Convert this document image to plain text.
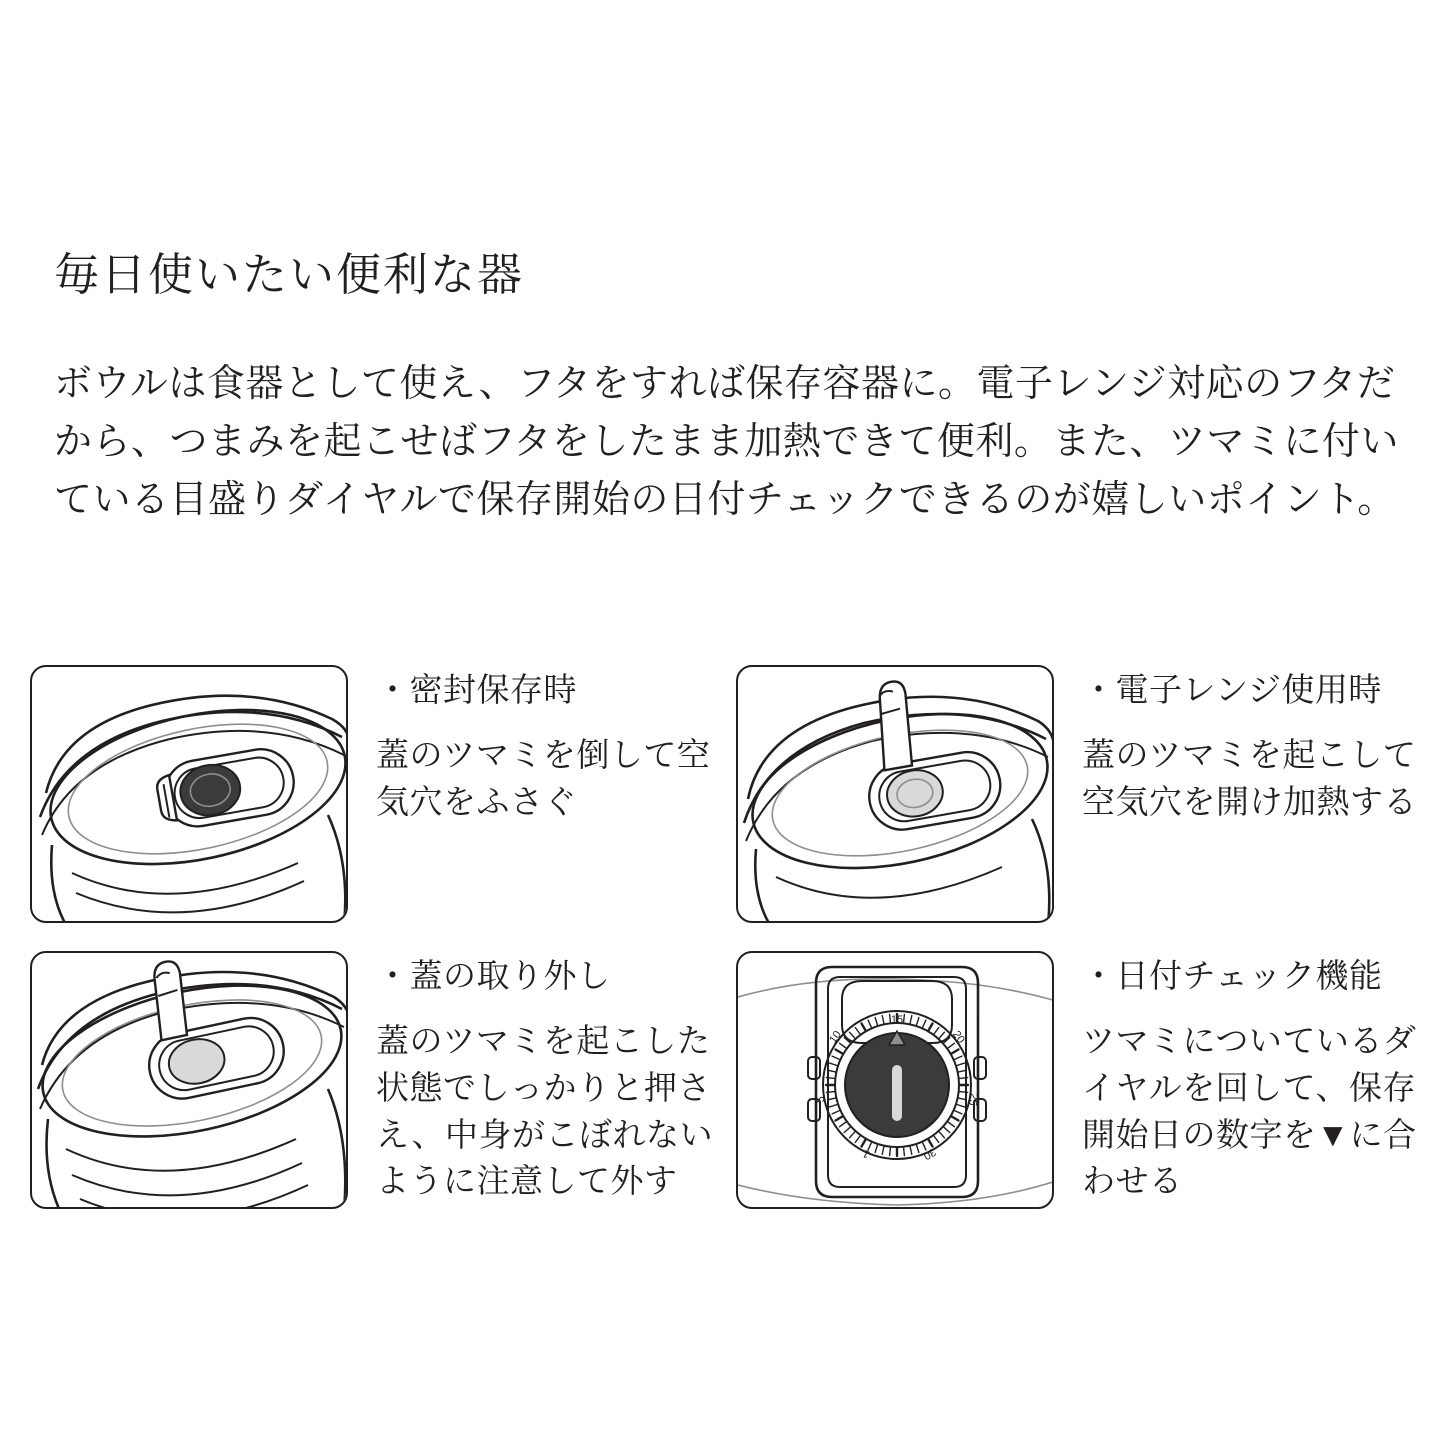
毎日使いたい便利な器

ボウルは食器として使え、フタをすれば保存容器に。電子レンジ対応のフタだから、つまみを起こせばフタをしたまま加熱できて便利。また、ツマミに付いている目盛りダイヤルで保存開始の日付チェックできるのが嬉しいポイント。

・密封保存時
蓋のツマミを倒して空気穴をふさぐ
・電子レンジ使用時
蓋のツマミを起こして空気穴を開け加熱する
・蓋の取り外し
蓋のツマミを起こした状態でしっかりと押さえ、中身がこぼれないように注意して外す
15
10	20
5	25
1	30
・日付チェック機能
ツマミについているダイヤルを回して、保存開始日の数字を▼に合わせる
